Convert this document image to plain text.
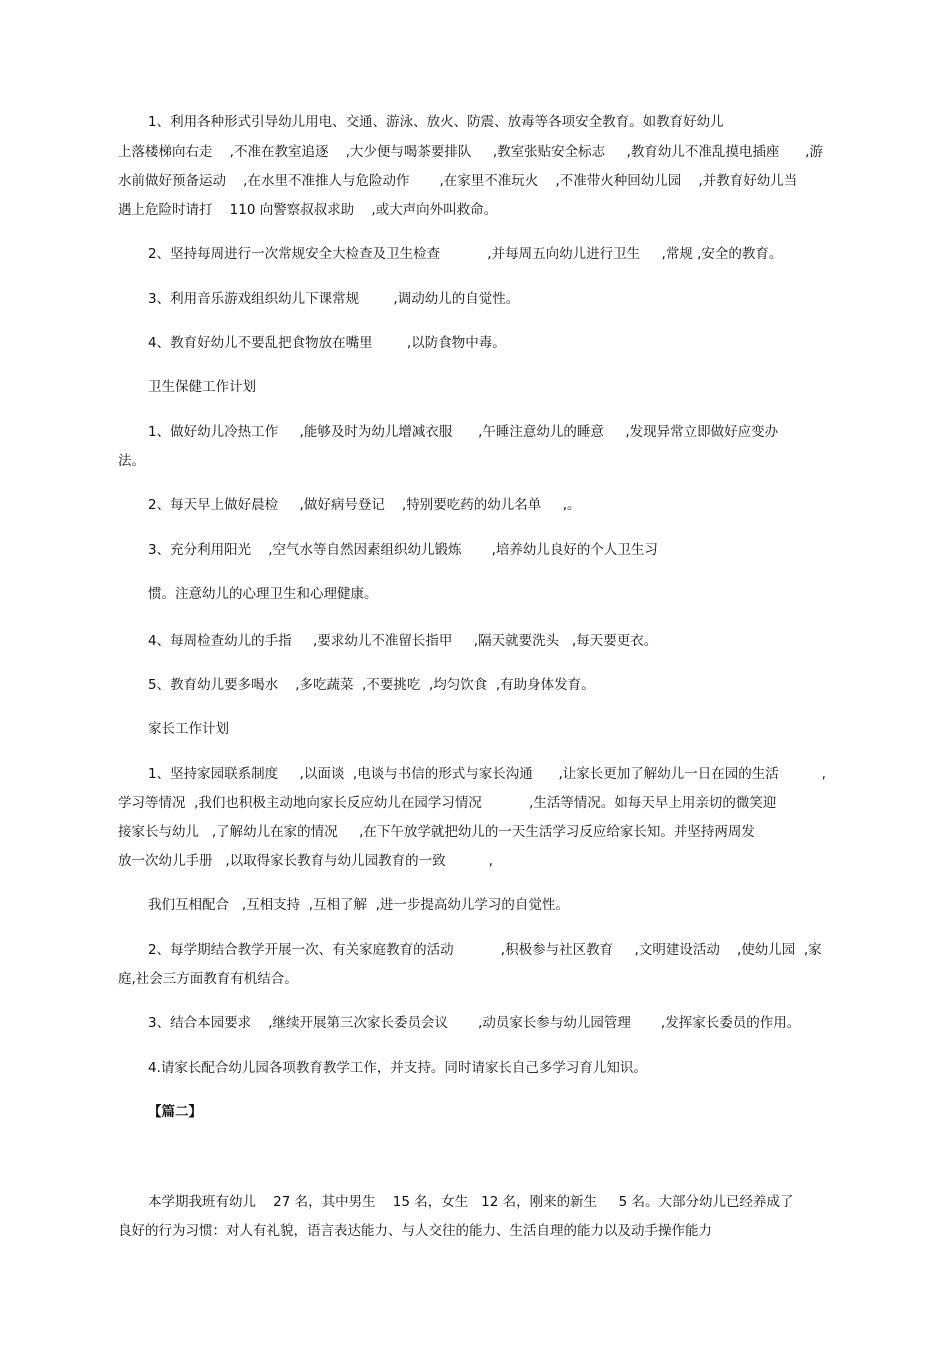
1、利用各种形式引导幼儿用电、交通、游泳、放火、防震、放毒等各项安全教育。如教育好幼儿
上落楼梯向右走    ,不准在教室追逐    ,大少便与喝茶要排队     ,教室张贴安全标志     ,教育幼儿不准乱摸电插座      ,游
水前做好预备运动    ,在水里不准推人与危险动作       ,在家里不准玩火    ,不准带火种回幼儿园    ,并教育好幼儿当
遇上危险时请打    110 向警察叔叔求助    ,或大声向外叫救命。
2、坚持每周进行一次常规安全大检查及卫生检查           ,并每周五向幼儿进行卫生     ,常规 ,安全的教育。
3、利用音乐游戏组织幼儿下课常规        ,调动幼儿的自觉性。
4、教育好幼儿不要乱把食物放在嘴里        ,以防食物中毒。
卫生保健工作计划
1、做好幼儿冷热工作     ,能够及时为幼儿增减衣服      ,午睡注意幼儿的睡意     ,发现异常立即做好应变办
法。
2、每天早上做好晨检     ,做好病号登记    ,特别要吃药的幼儿名单     ,。
3、充分利用阳光    ,空气水等自然因素组织幼儿锻炼       ,培养幼儿良好的个人卫生习
惯。注意幼儿的心理卫生和心理健康。
4、每周检查幼儿的手指     ,要求幼儿不准留长指甲     ,隔天就要洗头   ,每天要更衣。
5、教育幼儿要多喝水    ,多吃蔬菜  ,不要挑吃  ,均匀饮食  ,有助身体发育。
家长工作计划
1、坚持家园联系制度     ,以面谈  ,电谈与书信的形式与家长沟通      ,让家长更加了解幼儿一日在园的生活          ,
学习等情况  ,我们也积极主动地向家长反应幼儿在园学习情况           ,生活等情况。如每天早上用亲切的微笑迎
接家长与幼儿   ,了解幼儿在家的情况     ,在下午放学就把幼儿的一天生活学习反应给家长知。并坚持两周发
放一次幼儿手册   ,以取得家长教育与幼儿园教育的一致          ,
我们互相配合   ,互相支持  ,互相了解  ,进一步提高幼儿学习的自觉性。
2、每学期结合教学开展一次、有关家庭教育的活动           ,积极参与社区教育     ,文明建设活动    ,使幼儿园  ,家
庭,社会三方面教育有机结合。
3、结合本园要求    ,继续开展第三次家长委员会议       ,动员家长参与幼儿园管理       ,发挥家长委员的作用。
4.请家长配合幼儿园各项教育教学工作，并支持。同时请家长自己多学习育儿知识。
【篇二】
本学期我班有幼儿    27 名，其中男生    15 名，女生   12 名，刚来的新生     5 名。大部分幼儿已经养成了
良好的行为习惯：对人有礼貌，语言表达能力、与人交往的能力、生活自理的能力以及动手操作能力
